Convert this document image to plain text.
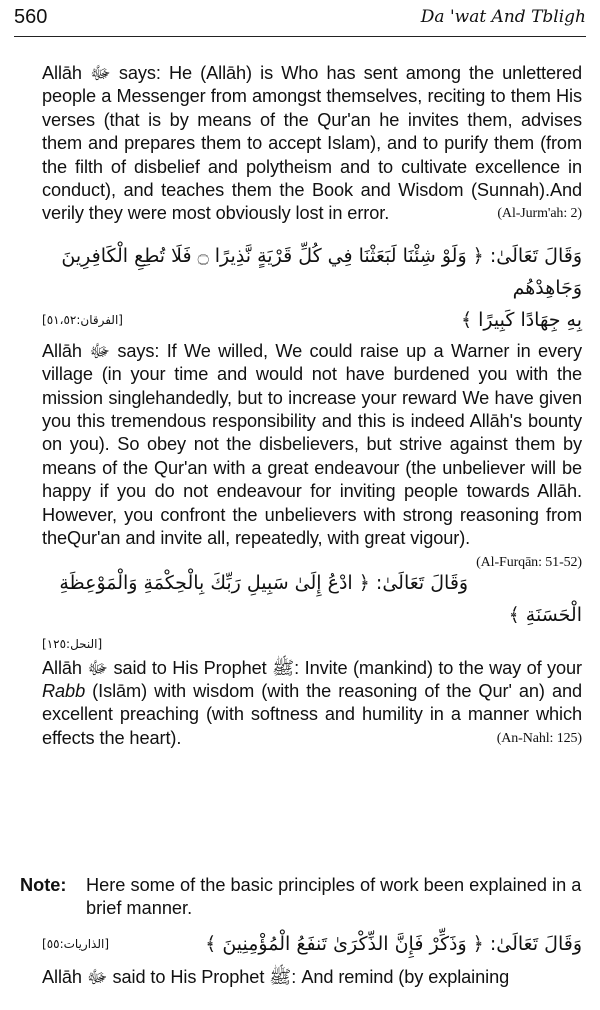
560	Da 'wat And Tbligh

Allāh ﷻ says: He (Allāh) is Who has sent among the unlettered people a Messenger from amongst themselves, reciting to them His verses (that is by means of the Qur'an he invites them, advises them and prepares them to accept Islam), and to purify them (from the filth of disbelief and polytheism and to cultivate excellence in conduct), and teaches them the Book and Wisdom (Sunnah).And verily they were most obviously lost in error.	(Al-Jurm'ah: 2)

وَقَالَ تَعَالَىٰ: ﴿ وَلَوْ شِئْنَا لَبَعَثْنَا فِي كُلِّ قَرْيَةٍ نَّذِيرًا ۝ فَلَا تُطِعِ الْكَافِرِينَ وَجَاهِدْهُم

بِهِ جِهَادًا كَبِيرًا ﴾
[الفرقان:٥١،٥٢]

Allāh ﷻ says: If We willed, We could raise up a Warner in every village (in your time and would not have burdened you with the mission singlehandedly, but to increase your reward We have given you this tremendous responsibility and this is indeed Allāh's bounty on you). So obey not the disbelievers, but strive against them by means of the Qur'an with a great endeavour (the unbeliever will be happy if you do not endeavour for inviting people towards Allāh. However, you confront the unbelievers with strong reasoning from theQur'an and invite all, repeatedly, with great vigour).
(Al-Furqān: 51-52)

وَقَالَ تَعَالَىٰ: ﴿ ادْعُ إِلَىٰ سَبِيلِ رَبِّكَ بِالْحِكْمَةِ وَالْمَوْعِظَةِ الْحَسَنَةِ ﴾

[النحل:١٢٥]

Allāh ﷻ said to His Prophet ﷺ: Invite (mankind) to the way of your Rabb (Islām) with wisdom (with the reasoning of the Qur' an) and excellent preaching (with softness and humility in a manner which effects the heart).	(An-Nahl: 125)

Note:	Here some of the basic principles of work been explained in a brief manner.
وَقَالَ تَعَالَىٰ: ﴿ وَذَكِّرْ فَإِنَّ الذِّكْرَىٰ تَنفَعُ الْمُؤْمِنِينَ ﴾
[الذاريات:٥٥]

Allāh ﷻ said to His Prophet ﷺ: And remind (by explaining
